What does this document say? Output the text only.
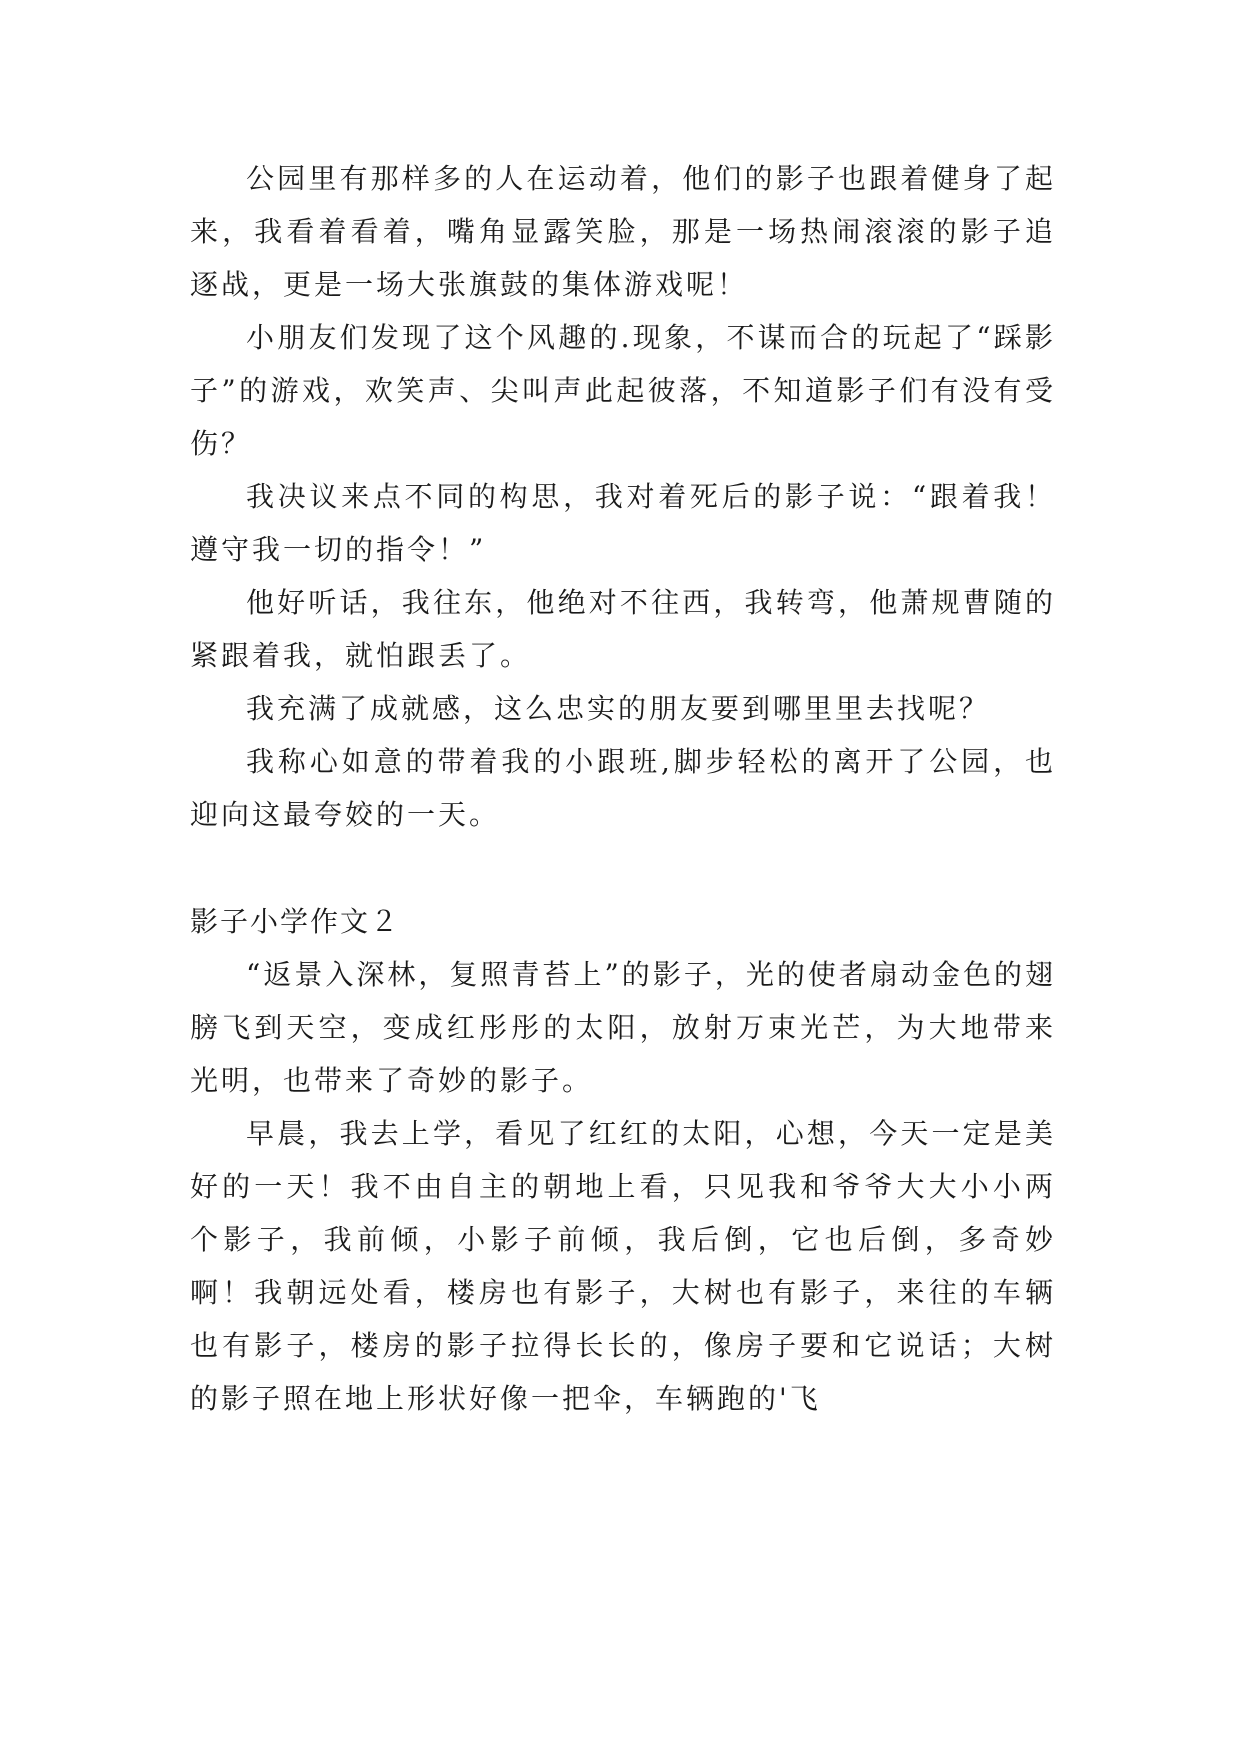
公园里有那样多的人在运动着，他们的影子也跟着健身了起来，我看着看着，嘴角显露笑脸，那是一场热闹滚滚的影子追逐战，更是一场大张旗鼓的集体游戏呢！

小朋友们发现了这个风趣的.现象，不谋而合的玩起了“踩影子”的游戏，欢笑声、尖叫声此起彼落，不知道影子们有没有受伤？

我决议来点不同的构思，我对着死后的影子说：“跟着我！遵守我一切的指令！”

他好听话，我往东，他绝对不往西，我转弯，他萧规曹随的紧跟着我，就怕跟丢了。

我充满了成就感，这么忠实的朋友要到哪里里去找呢？

我称心如意的带着我的小跟班,脚步轻松的离开了公园，也迎向这最夸姣的一天。

影子小学作文２

“返景入深林，复照青苔上”的影子，光的使者扇动金色的翅膀飞到天空，变成红彤彤的太阳，放射万束光芒，为大地带来光明，也带来了奇妙的影子。

早晨，我去上学，看见了红红的太阳，心想，今天一定是美好的一天！我不由自主的朝地上看，只见我和爷爷大大小小两个影子，我前倾，小影子前倾，我后倒，它也后倒，多奇妙啊！我朝远处看，楼房也有影子，大树也有影子，来往的车辆也有影子，楼房的影子拉得长长的，像房子要和它说话；大树的影子照在地上形状好像一把伞，车辆跑的'飞
